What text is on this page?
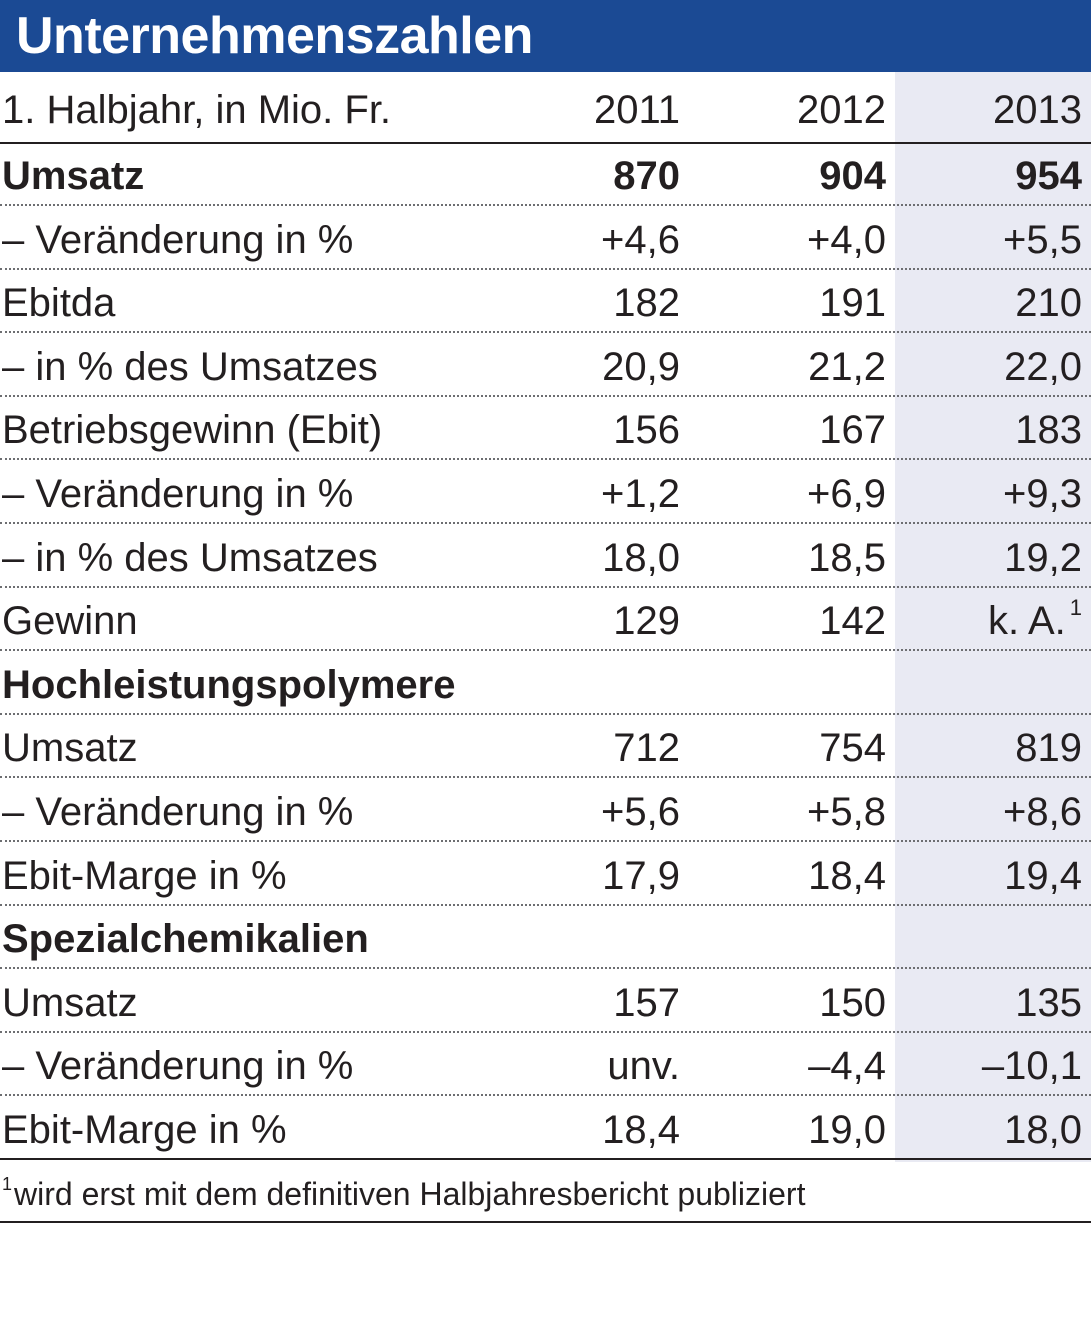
Unternehmenszahlen
1. Halbjahr, in Mio. Fr.	2011	2012	2013
Umsatz	870	904	954
– Veränderung in %	+4,6	+4,0	+5,5
Ebitda	182	191	210
– in % des Umsatzes	20,9	21,2	22,0
Betriebsgewinn (Ebit)	156	167	183
– Veränderung in %	+1,2	+6,9	+9,3
– in % des Umsatzes	18,0	18,5	19,2
Gewinn	129	142	k. A. $^1$
Hochleistungspolymere
Umsatz	712	754	819
– Veränderung in %	+5,6	+5,8	+8,6
Ebit-Marge in %	17,9	18,4	19,4
Spezialchemikalien
Umsatz	157	150	135
– Veränderung in %	unv.	–4,4	–10,1
Ebit-Marge in %	18,4	19,0	18,0
$^1$wird erst mit dem definitiven Halbjahresbericht publiziert
